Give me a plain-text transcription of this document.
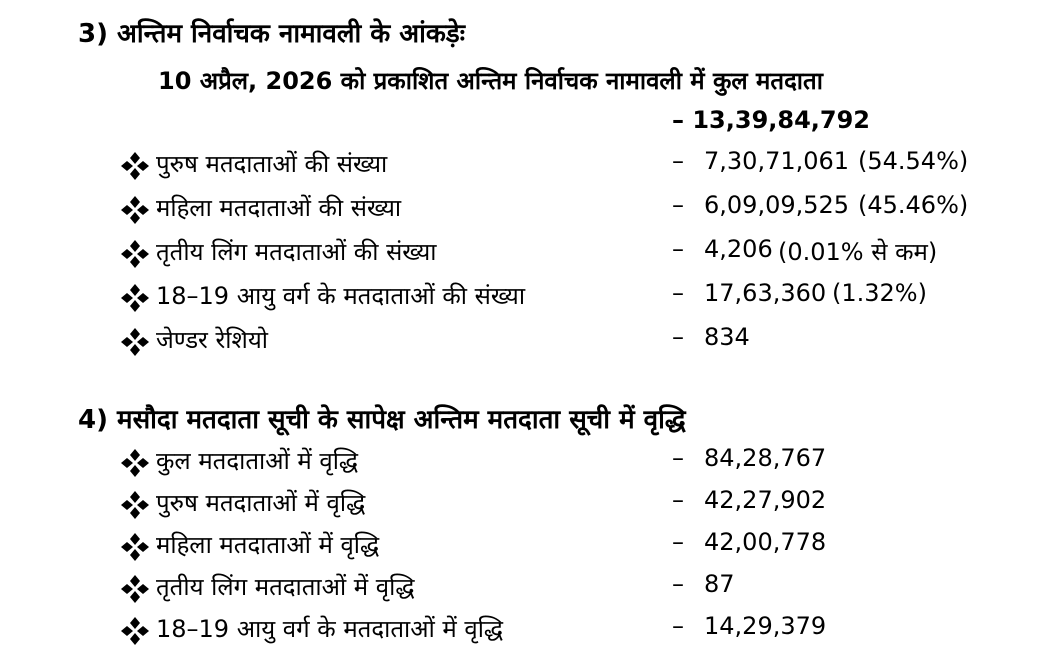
3) अन्तिम निर्वाचक नामावली के आंकड़ेः
10 अप्रैल, 2026 को प्रकाशित अन्तिम निर्वाचक नामावली में कुल मतदाता
– 13,39,84,792
पुरुष मतदाताओं की संख्या	– 7,30,71,061 (54.54%)
महिला मतदाताओं की संख्या	– 6,09,09,525 (45.46%)
तृतीय लिंग मतदाताओं की संख्या	– 4,206 (0.01% से कम)
18–19 आयु वर्ग के मतदाताओं की संख्या	– 17,63,360 (1.32%)
जेण्डर रेशियो	– 834
4) मसौदा मतदाता सूची के सापेक्ष अन्तिम मतदाता सूची में वृद्धि
कुल मतदाताओं में वृद्धि	– 84,28,767
पुरुष मतदाताओं में वृद्धि	– 42,27,902
महिला मतदाताओं में वृद्धि	– 42,00,778
तृतीय लिंग मतदाताओं में वृद्धि	– 87
18–19 आयु वर्ग के मतदाताओं में वृद्धि	– 14,29,379
